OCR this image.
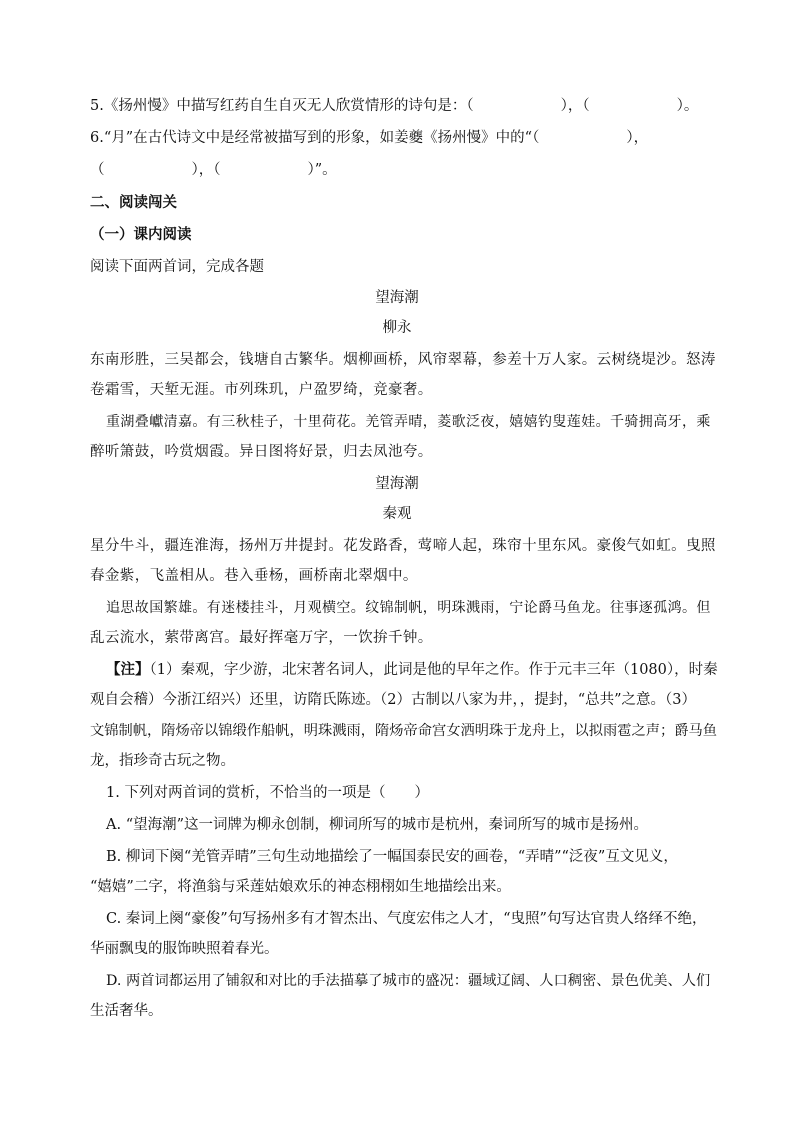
5.《扬州慢》中描写红药自生自灭无人欣赏情形的诗句是：（　　　　　　），（　　　　　　）。
6.“月”在古代诗文中是经常被描写到的形象，如姜夔《扬州慢》中的“（　　　　　　），
（　　　　　　），（　　　　　　）”。
二、阅读闯关
（一）课内阅读
阅读下面两首词，完成各题
望海潮
柳永
东南形胜，三吴都会，钱塘自古繁华。烟柳画桥，风帘翠幕，参差十万人家。云树绕堤沙。怒涛
卷霜雪，天堑无涯。市列珠玑，户盈罗绮，竞豪奢。
重湖叠巘清嘉。有三秋桂子，十里荷花。羌管弄晴，菱歌泛夜，嬉嬉钓叟莲娃。千骑拥高牙，乘
醉听箫鼓，吟赏烟霞。异日图将好景，归去凤池夸。
望海潮
秦观
星分牛斗，疆连淮海，扬州万井提封。花发路香，莺啼人起，珠帘十里东风。豪俊气如虹。曳照
春金紫，飞盖相从。巷入垂杨，画桥南北翠烟中。
追思故国繁雄。有迷楼挂斗，月观横空。纹锦制帆，明珠溅雨，宁论爵马鱼龙。往事逐孤鸿。但
乱云流水，萦带离宫。最好挥毫万字，一饮拚千钟。
【注】（1）秦观，字少游，北宋著名词人，此词是他的早年之作。作于元丰三年（1080），时秦
观自会稽）今浙江绍兴）还里，访隋氏陈迹。（2）古制以八家为井，，提封，“总共”之意。（3）
文锦制帆，隋炀帝以锦缎作船帆，明珠溅雨，隋炀帝命宫女洒明珠于龙舟上，以拟雨雹之声；爵马鱼
龙，指珍奇古玩之物。
1. 下列对两首词的赏析，不恰当的一项是（　　）
A. “望海潮”这一词牌为柳永创制，柳词所写的城市是杭州，秦词所写的城市是扬州。
B. 柳词下阕“羌管弄晴”三句生动地描绘了一幅国泰民安的画卷，“弄晴”“泛夜”互文见义，
“嬉嬉”二字，将渔翁与采莲姑娘欢乐的神态栩栩如生地描绘出来。
C. 秦词上阕“豪俊”句写扬州多有才智杰出、气度宏伟之人才，“曳照”句写达官贵人络绎不绝，
华丽飘曳的服饰映照着春光。
D. 两首词都运用了铺叙和对比的手法描摹了城市的盛况：疆域辽阔、人口稠密、景色优美、人们
生活奢华。
